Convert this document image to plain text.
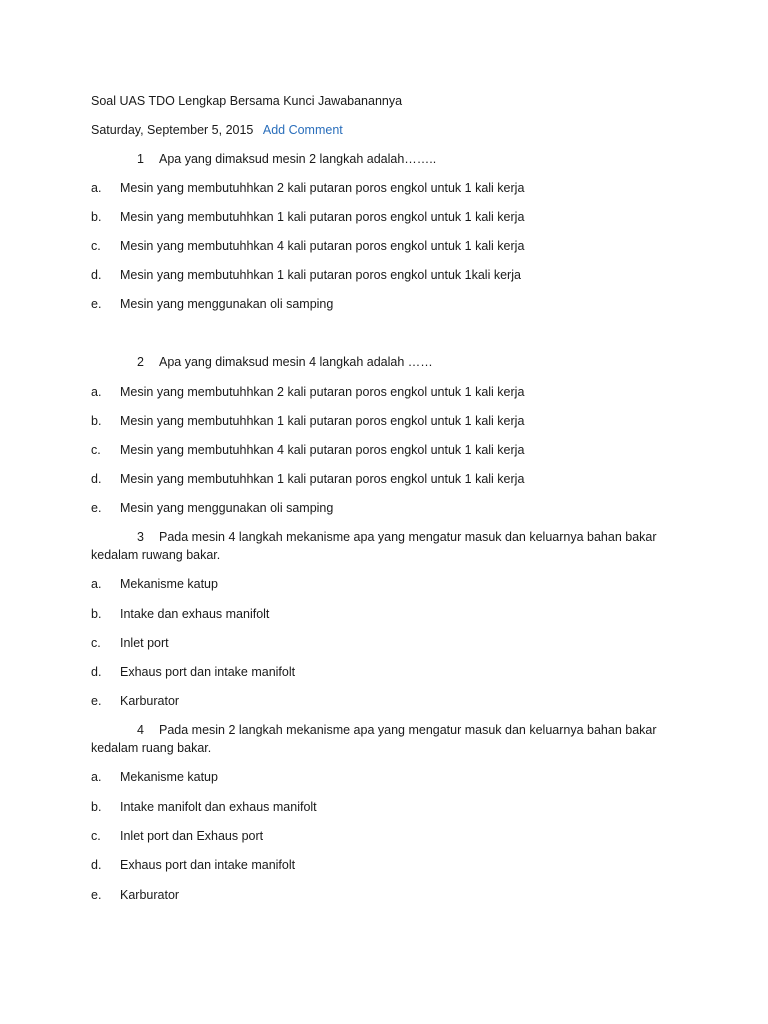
Soal UAS TDO Lengkap Bersama Kunci Jawabanannya
Saturday, September 5, 2015 Add Comment
1 Apa yang dimaksud mesin 2 langkah adalah……..
a. Mesin yang membutuhhkan 2 kali putaran poros engkol untuk 1 kali kerja
b. Mesin yang membutuhhkan 1 kali putaran poros engkol untuk 1 kali kerja
c. Mesin yang membutuhhkan 4 kali putaran poros engkol untuk 1 kali kerja
d. Mesin yang membutuhhkan 1 kali putaran poros engkol untuk 1kali kerja
e. Mesin yang menggunakan oli samping
2 Apa yang dimaksud mesin 4 langkah adalah ……
a. Mesin yang membutuhhkan 2 kali putaran poros engkol untuk 1 kali kerja
b. Mesin yang membutuhhkan 1 kali putaran poros engkol untuk 1 kali kerja
c. Mesin yang membutuhhkan 4 kali putaran poros engkol untuk 1 kali kerja
d. Mesin yang membutuhhkan 1 kali putaran poros engkol untuk 1 kali kerja
e. Mesin yang menggunakan oli samping
3 Pada mesin 4 langkah mekanisme apa yang mengatur masuk dan keluarnya bahan bakar kedalam ruwang bakar.
a. Mekanisme katup
b. Intake dan exhaus manifolt
c. Inlet port
d. Exhaus port dan intake manifolt
e. Karburator
4 Pada mesin 2 langkah mekanisme apa yang mengatur masuk dan keluarnya bahan bakar kedalam ruang bakar.
a. Mekanisme katup
b. Intake manifolt dan exhaus manifolt
c. Inlet port dan Exhaus port
d. Exhaus port dan intake manifolt
e. Karburator
